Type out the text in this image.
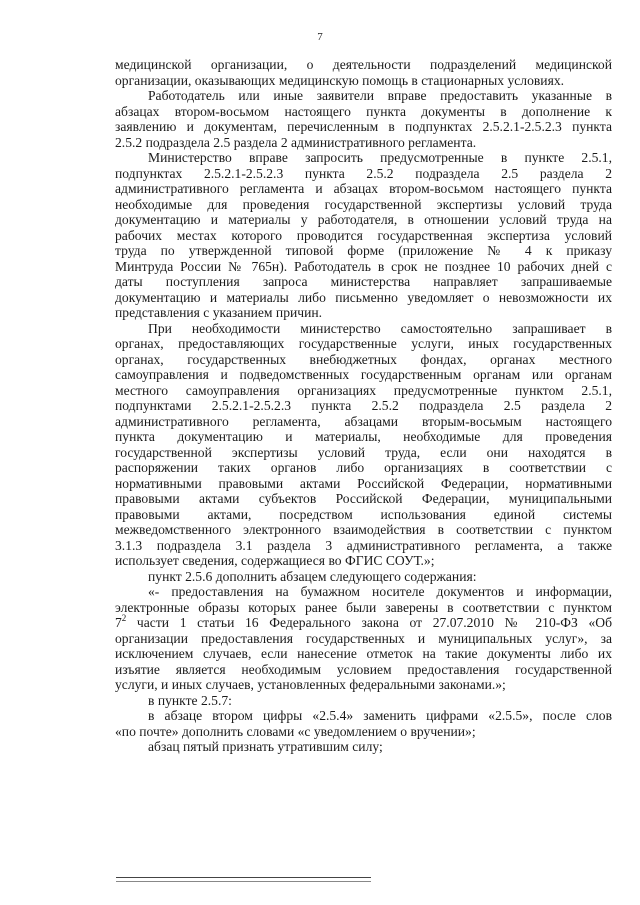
7
медицинской организации, о деятельности подразделений медицинской
организации, оказывающих медицинскую помощь в стационарных условиях.
Работодатель или иные заявители вправе предоставить указанные в
абзацах втором-восьмом настоящего пункта документы в дополнение к
заявлению и документам, перечисленным в подпунктах 2.5.2.1-2.5.2.3 пункта
2.5.2 подраздела 2.5 раздела 2 административного регламента.
Министерство вправе запросить предусмотренные в пункте 2.5.1,
подпунктах 2.5.2.1-2.5.2.3 пункта 2.5.2 подраздела 2.5 раздела 2
административного регламента и абзацах втором-восьмом настоящего пункта
необходимые для проведения государственной экспертизы условий труда
документацию и материалы у работодателя, в отношении условий труда на
рабочих местах которого проводится государственная экспертиза условий
труда по утвержденной типовой форме (приложение № 4 к приказу
Минтруда России № 765н). Работодатель в срок не позднее 10 рабочих дней с
даты поступления запроса министерства направляет запрашиваемые
документацию и материалы либо письменно уведомляет о невозможности их
представления с указанием причин.
При необходимости министерство самостоятельно запрашивает в
органах, предоставляющих государственные услуги, иных государственных
органах, государственных внебюджетных фондах, органах местного
самоуправления и подведомственных государственным органам или органам
местного самоуправления организациях предусмотренные пунктом 2.5.1,
подпунктами 2.5.2.1-2.5.2.3 пункта 2.5.2 подраздела 2.5 раздела 2
административного регламента, абзацами вторым-восьмым настоящего
пункта документацию и материалы, необходимые для проведения
государственной экспертизы условий труда, если они находятся в
распоряжении таких органов либо организациях в соответствии с
нормативными правовыми актами Российской Федерации, нормативными
правовыми актами субъектов Российской Федерации, муниципальными
правовыми актами, посредством использования единой системы
межведомственного электронного взаимодействия в соответствии с пунктом
3.1.3 подраздела 3.1 раздела 3 административного регламента, а также
использует сведения, содержащиеся во ФГИС СОУТ.»;
пункт 2.5.6 дополнить абзацем следующего содержания:
«- предоставления на бумажном носителе документов и информации,
электронные образы которых ранее были заверены в соответствии с пунктом
$7^2$ части 1 статьи 16 Федерального закона от 27.07.2010 № 210-ФЗ «Об
организации предоставления государственных и муниципальных услуг», за
исключением случаев, если нанесение отметок на такие документы либо их
изъятие является необходимым условием предоставления государственной
услуги, и иных случаев, установленных федеральными законами.»;
в пункте 2.5.7:
в абзаце втором цифры «2.5.4» заменить цифрами «2.5.5», после слов
«по почте» дополнить словами «с уведомлением о вручении»;
абзац пятый признать утратившим силу;
